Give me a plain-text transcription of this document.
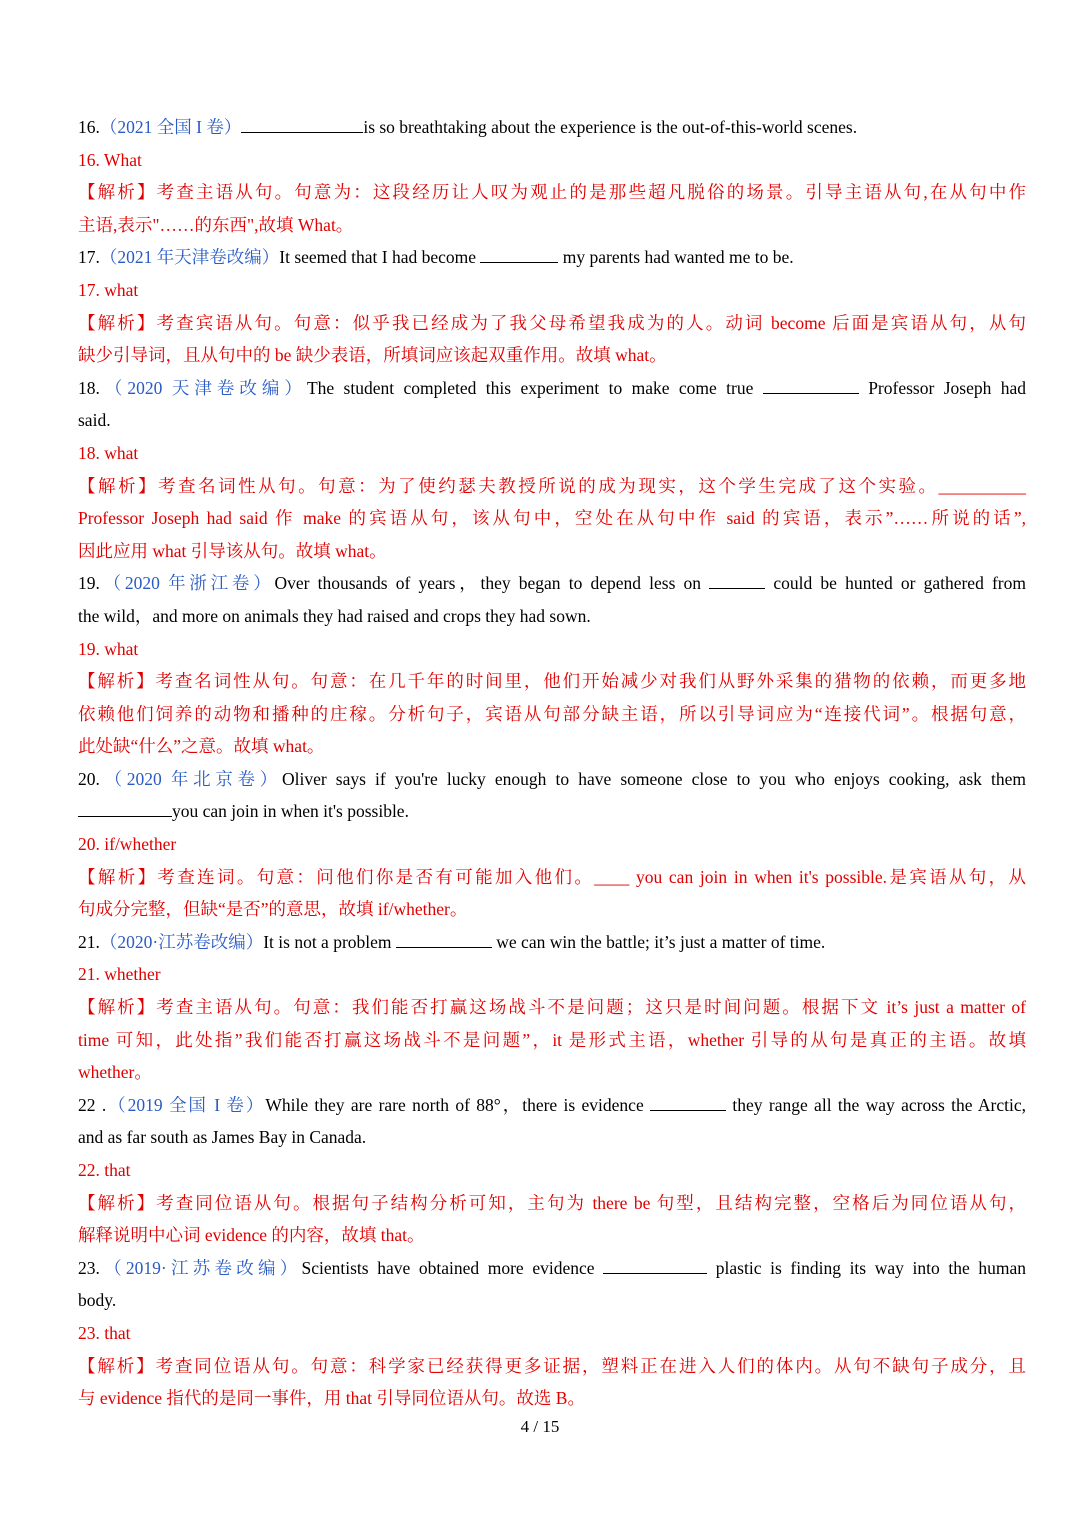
16.（2021 全国 I 卷）	is so breathtaking about the experience is the out-of-this-world scenes.
16. What
【解析】考查主语从句。句意为：这段经历让人叹为观止的是那些超凡脱俗的场景。引导主语从句,在从句中作
主语,表示"……的东西",故填 What。
17.（2021 年天津卷改编）It seemed that I had become	my parents had wanted me to be.
17. what
【解析】考查宾语从句。句意：似乎我已经成为了我父母希望我成为的人。动词 become 后面是宾语从句，从句
缺少引导词，且从句中的 be 缺少表语，所填词应该起双重作用。故填 what。
18.（2020 天津卷改编）The student completed this experiment to make come true	Professor Joseph had
said.
18. what
【解析】考查名词性从句。句意：为了使约瑟夫教授所说的成为现实，这个学生完成了这个实验。__________
Professor Joseph had said 作 make 的宾语从句，该从句中，空处在从句中作 said 的宾语，表示”……所说的话”,
因此应用 what 引导该从句。故填 what。
19.（2020 年浙江卷）Over thousands of years，they began to depend less on	could be hunted or gathered from
the wild，and more on animals they had raised and crops they had sown.
19. what
【解析】考查名词性从句。句意：在几千年的时间里，他们开始减少对我们从野外采集的猎物的依赖，而更多地
依赖他们饲养的动物和播种的庄稼。分析句子，宾语从句部分缺主语，所以引导词应为“连接代词”。根据句意，
此处缺“什么”之意。故填 what。
20.（2020 年北京卷）Oliver says if you're lucky enough to have someone close to you who enjoys cooking, ask them
you can join in when it's possible.
20. if/whether
【解析】考查连词。句意：问他们你是否有可能加入他们。____ you can join in when it's possible.是宾语从句，从
句成分完整，但缺“是否”的意思，故填 if/whether。
21.（2020·江苏卷改编）It is not a problem	we can win the battle; it’s just a matter of time.
21. whether
【解析】考查主语从句。句意：我们能否打赢这场战斗不是问题；这只是时间问题。根据下文 it’s just a matter of
time 可知，此处指”我们能否打赢这场战斗不是问题”，it 是形式主语，whether 引导的从句是真正的主语。故填
whether。
22 .（2019 全国 I 卷）While they are rare north of 88°，there is evidence	they range all the way across the Arctic,
and as far south as James Bay in Canada.
22. that
【解析】考查同位语从句。根据句子结构分析可知，主句为 there be 句型，且结构完整，空格后为同位语从句，
解释说明中心词 evidence 的内容，故填 that。
23.（2019·江苏卷改编）Scientists have obtained more evidence	plastic is finding its way into the human
body.
23. that
【解析】考查同位语从句。句意：科学家已经获得更多证据，塑料正在进入人们的体内。从句不缺句子成分，且
与 evidence 指代的是同一事件，用 that 引导同位语从句。故选 B。
4 / 15
